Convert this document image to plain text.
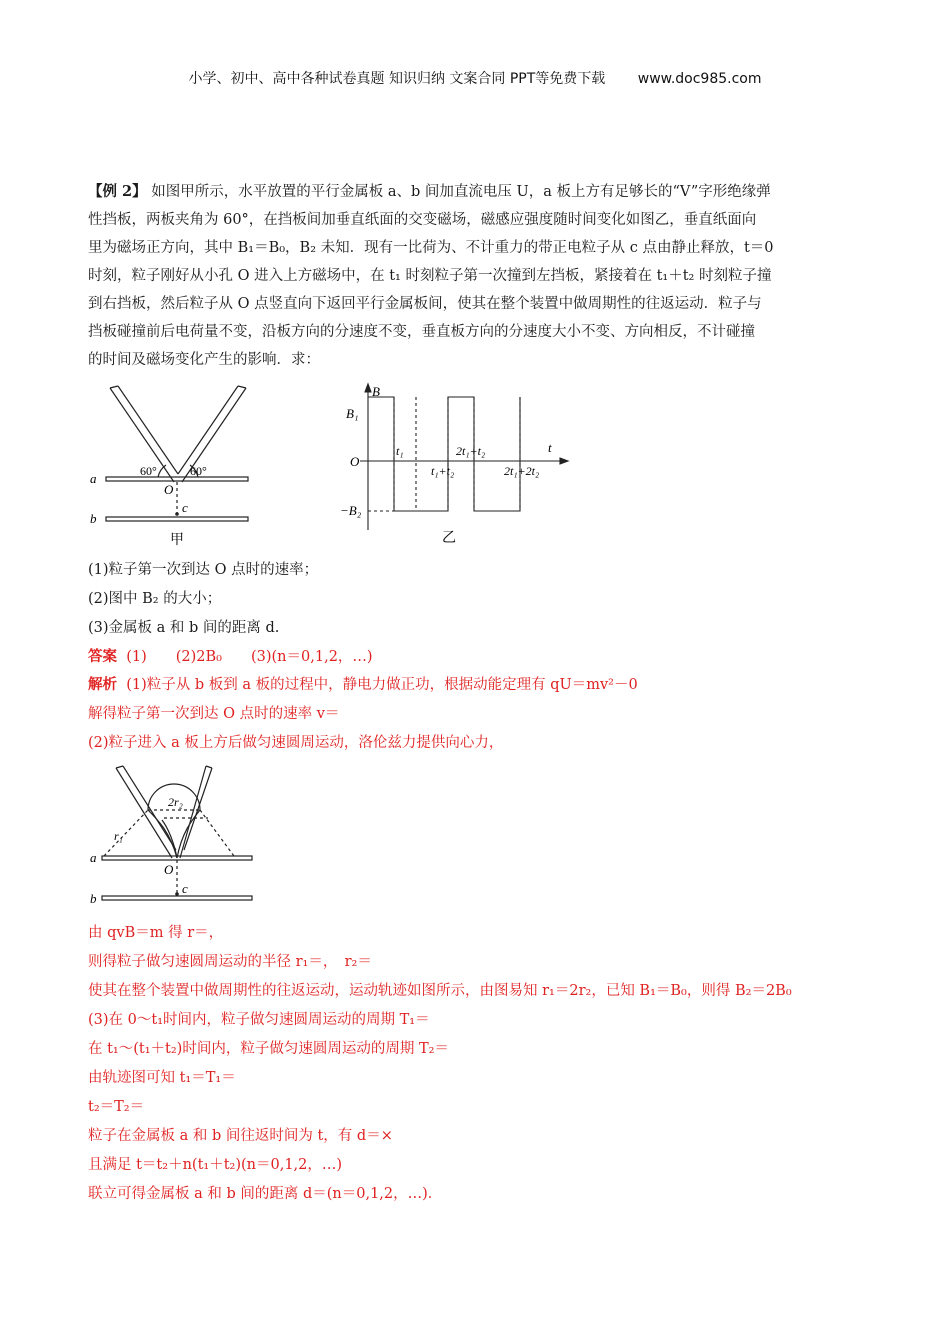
小学、初中、高中各种试卷真题 知识归纳 文案合同 PPT等免费下载 www.doc985.com
【例 2】 如图甲所示，水平放置的平行金属板 a、b 间加直流电压 U，a 板上方有足够长的“V”字形绝缘弹
性挡板，两板夹角为 60°，在挡板间加垂直纸面的交变磁场，磁感应强度随时间变化如图乙，垂直纸面向
里为磁场正方向，其中 B₁＝B₀，B₂ 未知．现有一比荷为、不计重力的带正电粒子从 c 点由静止释放，t＝0
时刻，粒子刚好从小孔 O 进入上方磁场中，在 t₁ 时刻粒子第一次撞到左挡板，紧接着在 t₁＋t₂ 时刻粒子撞
到右挡板，然后粒子从 O 点竖直向下返回平行金属板间，使其在整个装置中做周期性的往返运动．粒子与
挡板碰撞前后电荷量不变，沿板方向的分速度不变，垂直板方向的分速度大小不变、方向相反，不计碰撞
的时间及磁场变化产生的影响．求：
a
b
O
c
60°	60°
甲
B
t
O
B₁
−B₂
t₁
t₁+t₂
2t₁+t₂
2t₁+2t₂
乙
(1)粒子第一次到达 O 点时的速率；
(2)图中 B₂ 的大小；
(3)金属板 a 和 b 间的距离 d.
答案 (1)　　(2)2B₀　　(3)(n＝0,1,2，…)
解析 (1)粒子从 b 板到 a 板的过程中，静电力做正功，根据动能定理有 qU＝mv²－0
解得粒子第一次到达 O 点时的速率 v＝
(2)粒子进入 a 板上方后做匀速圆周运动，洛伦兹力提供向心力，
a
b
O
c
r₁
2r₂
由 qvB＝m 得 r＝，
则得粒子做匀速圆周运动的半径 r₁＝，　r₂＝
使其在整个装置中做周期性的往返运动，运动轨迹如图所示，由图易知 r₁＝2r₂，已知 B₁＝B₀，则得 B₂＝2B₀
(3)在 0～t₁时间内，粒子做匀速圆周运动的周期 T₁＝
在 t₁～(t₁＋t₂)时间内，粒子做匀速圆周运动的周期 T₂＝
由轨迹图可知 t₁＝T₁＝
t₂＝T₂＝
粒子在金属板 a 和 b 间往返时间为 t，有 d＝×
且满足 t＝t₂＋n(t₁＋t₂)(n＝0,1,2，…)
联立可得金属板 a 和 b 间的距离 d＝(n＝0,1,2，…)．
